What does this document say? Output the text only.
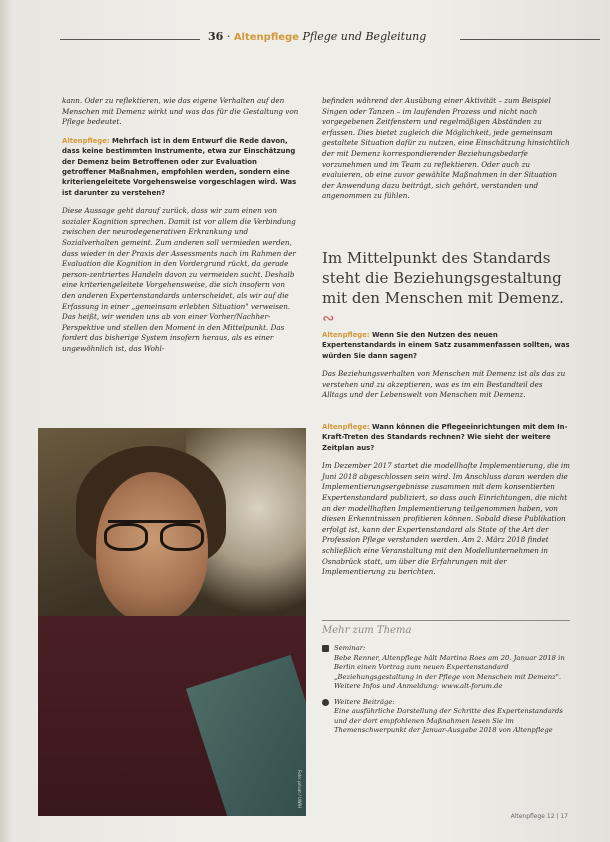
36 · Altenpflege Pflege und Begleitung

kann. Oder zu reflektieren, wie das eigene Verhalten auf den Menschen mit Demenz wirkt und was das für die Gestaltung von Pflege bedeutet.

Altenpflege: Mehrfach ist in dem Entwurf die Rede davon, dass keine bestimmten Instrumente, etwa zur Einschätzung der Demenz beim Betroffenen oder zur Evaluation getroffener Maßnahmen, empfohlen werden, sondern eine kriteriengeleitete Vorgehensweise vorgeschlagen wird. Was ist darunter zu verstehen?

Diese Aussage geht darauf zurück, dass wir zum einen von sozialer Kognition sprechen. Damit ist vor allem die Verbindung zwischen der neurodegenerativen Erkrankung und Sozialverhalten gemeint. Zum anderen soll vermieden werden, dass wieder in der Praxis der Assessments nach im Rahmen der Evaluation die Kognition in den Vordergrund rückt, da gerade person-zentriertes Handeln davon zu vermeiden sucht. Deshalb eine kriteriengeleitete Vorgehensweise, die sich insofern von den anderen Expertenstandards unterscheidet, als wir auf die Erfassung in einer „gemeinsam erlebten Situation" verweisen. Das heißt, wir wenden uns ab von einer Vorher/Nachher-Perspektive und stellen den Moment in den Mittelpunkt. Das fordert das bisherige System insofern heraus, als es einer ungewöhnlich ist, das Wohl-

befinden während der Ausübung einer Aktivität – zum Beispiel Singen oder Tanzen – im laufenden Prozess und nicht nach vorgegebenen Zeitfenstern und regelmäßigen Abständen zu erfassen. Dies bietet zugleich die Möglichkeit, jede gemeinsam gestaltete Situation dafür zu nutzen, eine Einschätzung hinsichtlich der mit Demenz korrespondierender Beziehungsbedarfe vorzunehmen und im Team zu reflektieren. Oder auch zu evaluieren, ob eine zuvor gewählte Maßnahmen in der Situation der Anwendung dazu beiträgt, sich gehört, verstanden und angenommen zu fühlen.

Im Mittelpunkt des Standards steht die Beziehungsgestaltung mit den Menschen mit Demenz. ∾

Altenpflege: Wenn Sie den Nutzen des neuen Expertenstandards in einem Satz zusammenfassen sollten, was würden Sie dann sagen?

Das Beziehungsverhalten von Menschen mit Demenz ist als das zu verstehen und zu akzeptieren, was es im ein Bestandteil des Alltags und der Lebenswelt von Menschen mit Demenz.

Altenpflege: Wann können die Pflegeeinrichtungen mit dem In-Kraft-Treten des Standards rechnen? Wie sieht der weitere Zeitplan aus?

Im Dezember 2017 startet die modellhafte Implementierung, die im Juni 2018 abgeschlossen sein wird. Im Anschluss daran werden die Implementierungsergebnisse zusammen mit dem konsentierten Expertenstandard publiziert, so dass auch Einrichtungen, die nicht an der modellhaften Implementierung teilgenommen haben, von diesen Erkenntnissen profitieren können. Sobald diese Publikation erfolgt ist, kann der Expertenstandard als State of the Art der Profession Pflege verstanden werden. Am 2. März 2018 findet schließlich eine Veranstaltung mit den Modellunternehmen in Osnabrück statt, um über die Erfahrungen mit der Implementierung zu berichten.

Foto: privat / UW/H
Mehr zum Thema
Seminar:
Bebe Renner, Altenpflege hält Martina Roes am 20. Januar 2018 in Berlin einen Vortrag zum neuen Expertenstandard „Beziehungsgestaltung in der Pflege von Menschen mit Demenz". Weitere Infos und Anmeldung: www.alt-forum.de
Weitere Beiträge:
Eine ausführliche Darstellung der Schritte des Expertenstandards und der dort empfohlenen Maßnahmen lesen Sie im Themenschwerpunkt der Januar-Ausgabe 2018 von Altenpflege
Altenpflege 12 | 17
